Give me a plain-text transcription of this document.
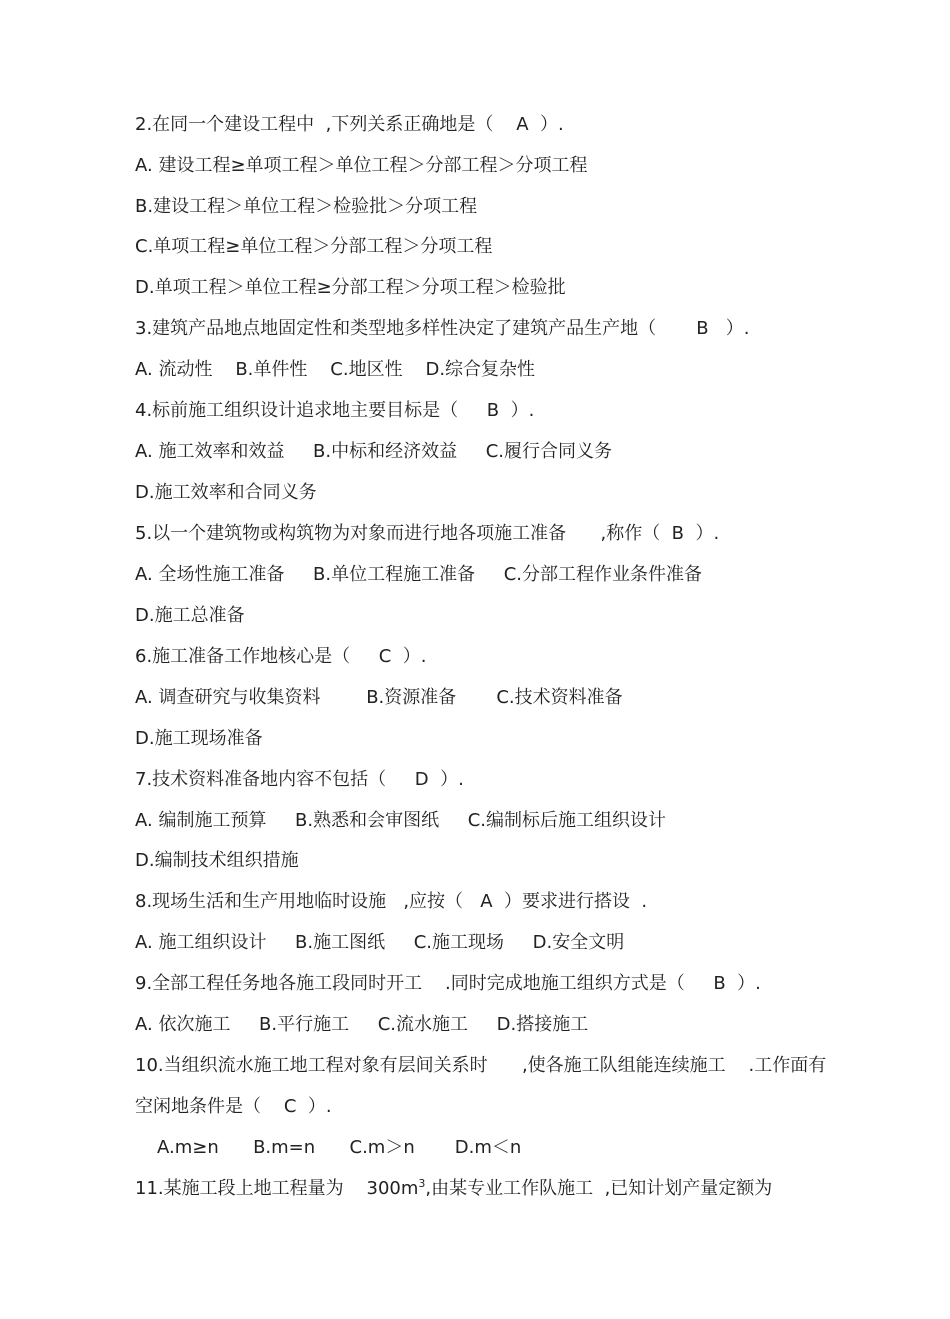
2.在同一个建设工程中  ,下列关系正确地是（    A  ）.
A. 建设工程≥单项工程＞单位工程＞分部工程＞分项工程
B.建设工程＞单位工程＞检验批＞分项工程
C.单项工程≥单位工程＞分部工程＞分项工程
D.单项工程＞单位工程≥分部工程＞分项工程＞检验批
3.建筑产品地点地固定性和类型地多样性决定了建筑产品生产地（       B   ）.
A. 流动性    B.单件性    C.地区性    D.综合复杂性
4.标前施工组织设计追求地主要目标是（     B  ）.
A. 施工效率和效益     B.中标和经济效益     C.履行合同义务
D.施工效率和合同义务
5.以一个建筑物或构筑物为对象而进行地各项施工准备      ,称作（  B  ）.
A. 全场性施工准备     B.单位工程施工准备     C.分部工程作业条件准备
D.施工总准备
6.施工准备工作地核心是（     C  ）.
A. 调查研究与收集资料        B.资源准备       C.技术资料准备
D.施工现场准备
7.技术资料准备地内容不包括（     D  ）.
A. 编制施工预算     B.熟悉和会审图纸     C.编制标后施工组织设计
D.编制技术组织措施
8.现场生活和生产用地临时设施   ,应按（   A  ）要求进行搭设  .
A. 施工组织设计     B.施工图纸     C.施工现场     D.安全文明
9.全部工程任务地各施工段同时开工    .同时完成地施工组织方式是（     B  ）.
A. 依次施工     B.平行施工     C.流水施工     D.搭接施工
10.当组织流水施工地工程对象有层间关系时      ,使各施工队组能连续施工    .工作面有
空闲地条件是（    C  ）.
A.m≥n      B.m=n      C.m＞n       D.m＜n
11.某施工段上地工程量为    $300m^3$,由某专业工作队施工  ,已知计划产量定额为
